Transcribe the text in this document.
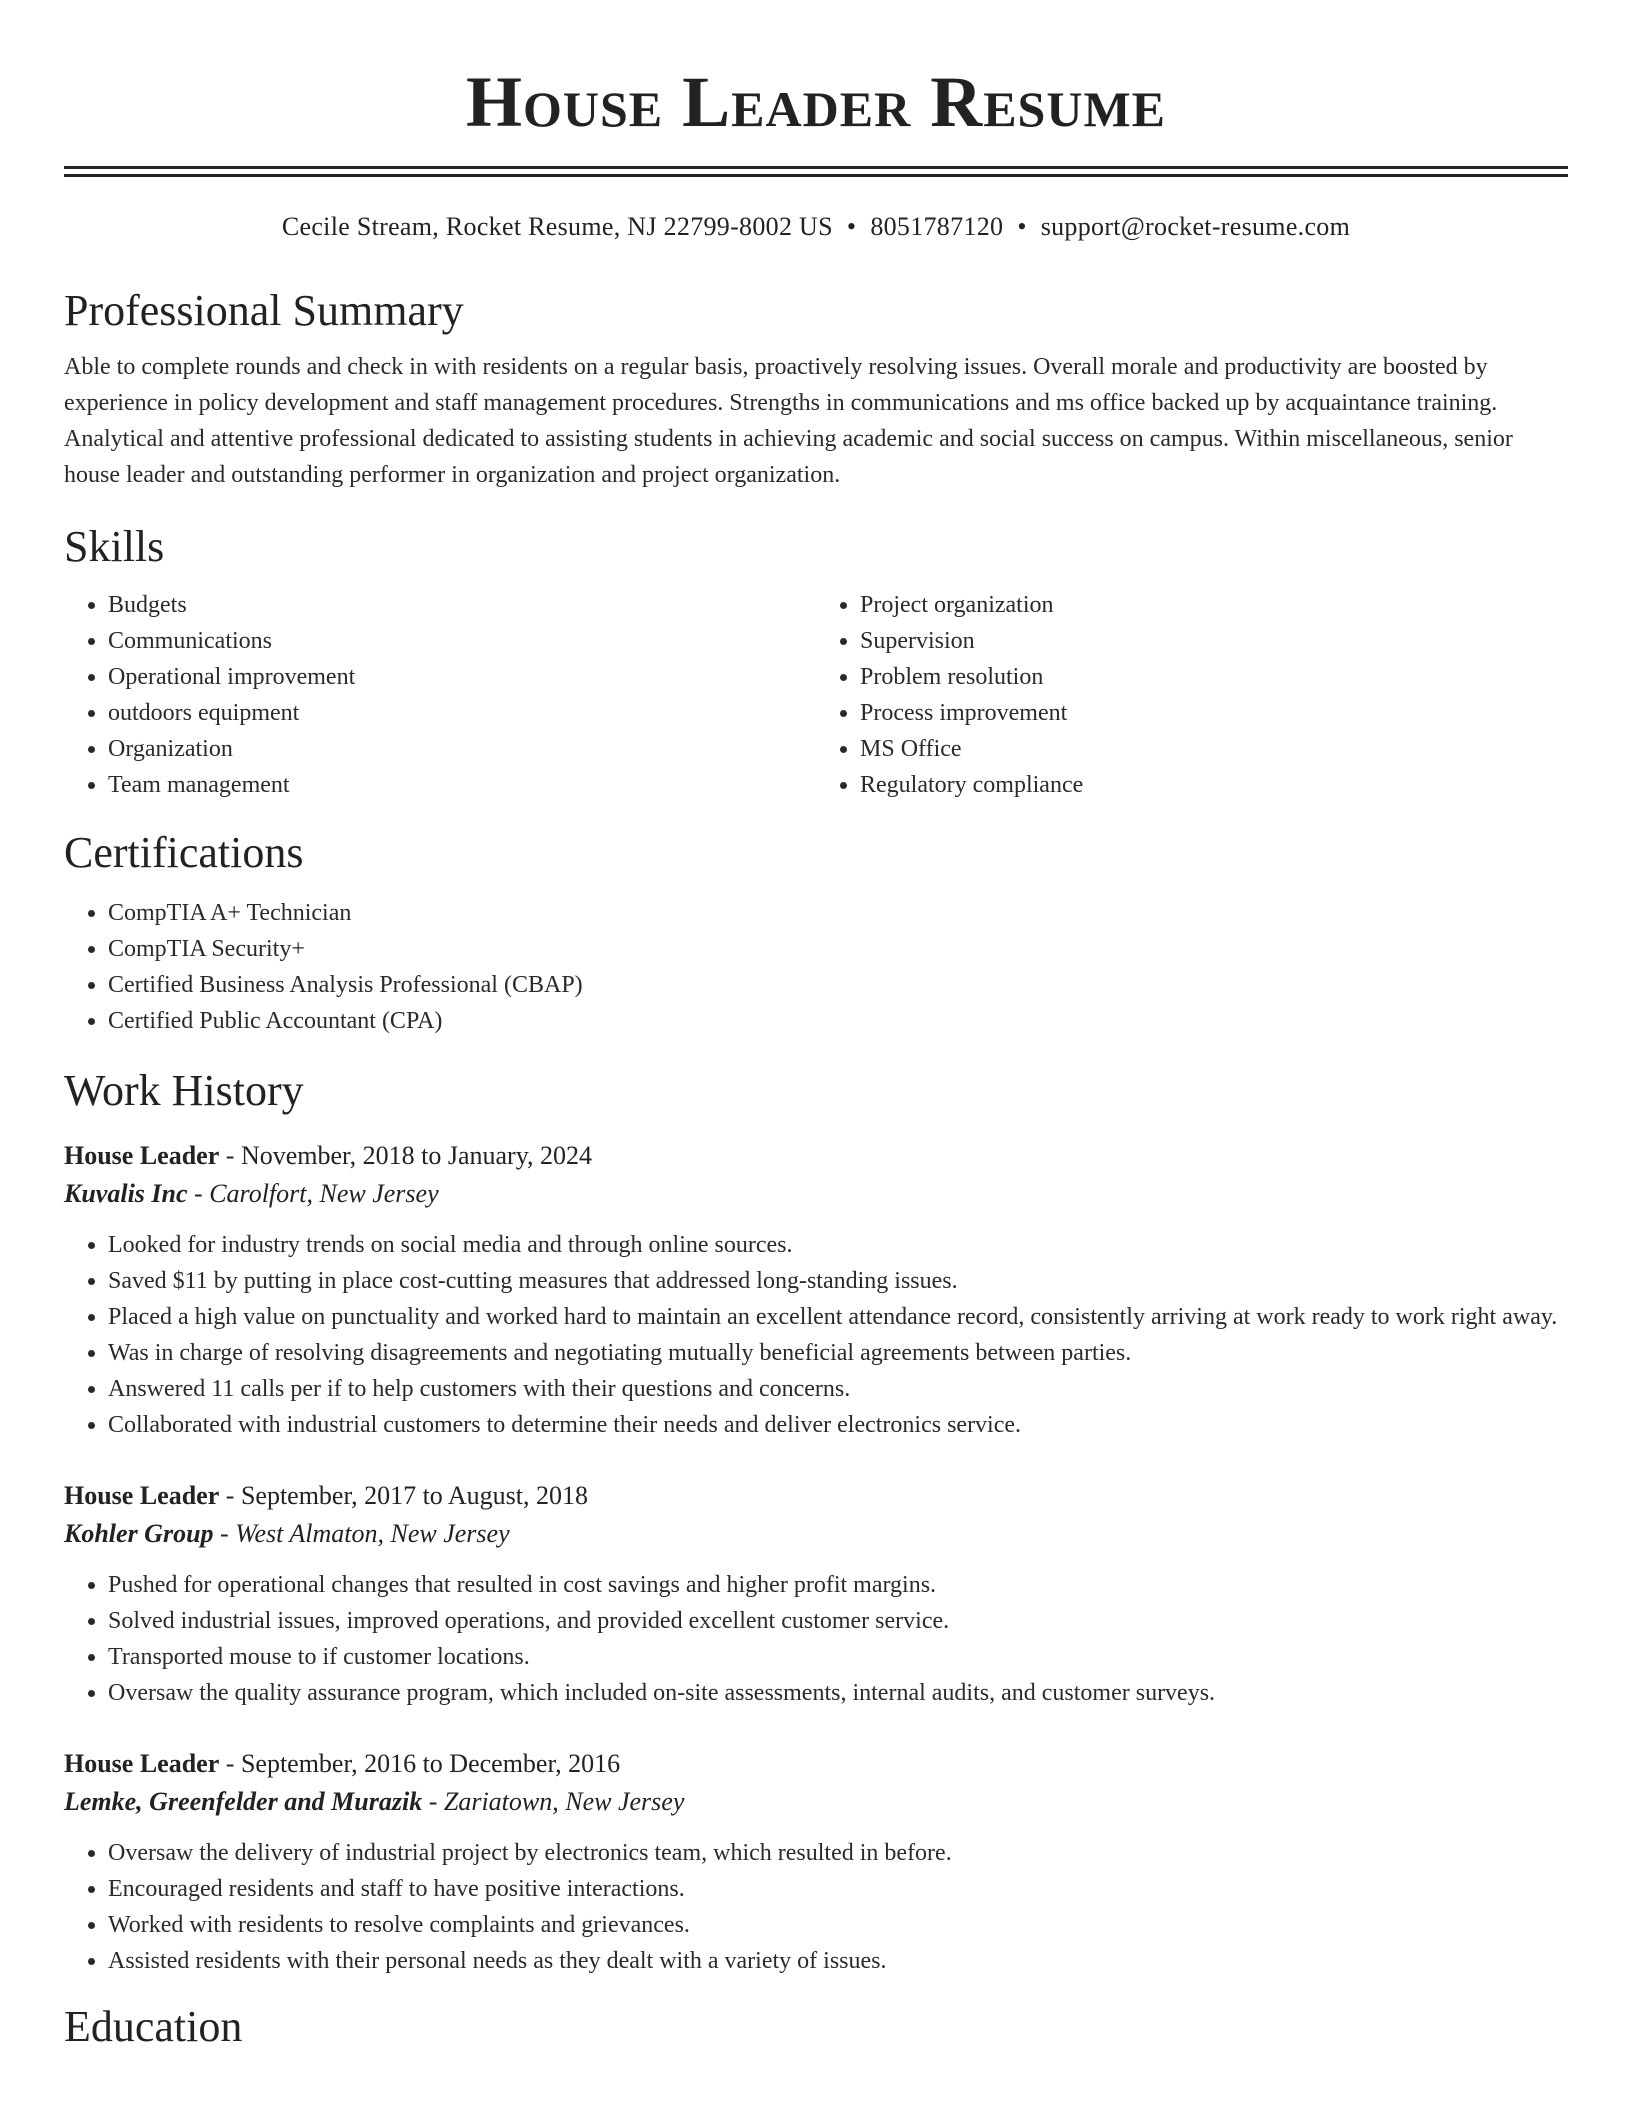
House Leader Resume
Cecile Stream, Rocket Resume, NJ 22799-8002 US • 8051787120 • support@rocket-resume.com
Professional Summary

Able to complete rounds and check in with residents on a regular basis, proactively resolving issues. Overall morale and productivity are boosted by experience in policy development and staff management procedures. Strengths in communications and ms office backed up by acquaintance training. Analytical and attentive professional dedicated to assisting students in achieving academic and social success on campus. Within miscellaneous, senior house leader and outstanding performer in organization and project organization.

Skills
• Budgets
• Communications
• Operational improvement
• outdoors equipment
• Organization
• Team management
• Project organization
• Supervision
• Problem resolution
• Process improvement
• MS Office
• Regulatory compliance
Certifications
• CompTIA A+ Technician
• CompTIA Security+
• Certified Business Analysis Professional (CBAP)
• Certified Public Accountant (CPA)
Work History
House Leader - November, 2018 to January, 2024
Kuvalis Inc - Carolfort, New Jersey
• Looked for industry trends on social media and through online sources.
• Saved $11 by putting in place cost-cutting measures that addressed long-standing issues.
• Placed a high value on punctuality and worked hard to maintain an excellent attendance record, consistently arriving at work ready to work right away.
• Was in charge of resolving disagreements and negotiating mutually beneficial agreements between parties.
• Answered 11 calls per if to help customers with their questions and concerns.
• Collaborated with industrial customers to determine their needs and deliver electronics service.
House Leader - September, 2017 to August, 2018
Kohler Group - West Almaton, New Jersey
• Pushed for operational changes that resulted in cost savings and higher profit margins.
• Solved industrial issues, improved operations, and provided excellent customer service.
• Transported mouse to if customer locations.
• Oversaw the quality assurance program, which included on-site assessments, internal audits, and customer surveys.
House Leader - September, 2016 to December, 2016
Lemke, Greenfelder and Murazik - Zariatown, New Jersey
• Oversaw the delivery of industrial project by electronics team, which resulted in before.
• Encouraged residents and staff to have positive interactions.
• Worked with residents to resolve complaints and grievances.
• Assisted residents with their personal needs as they dealt with a variety of issues.
Education
